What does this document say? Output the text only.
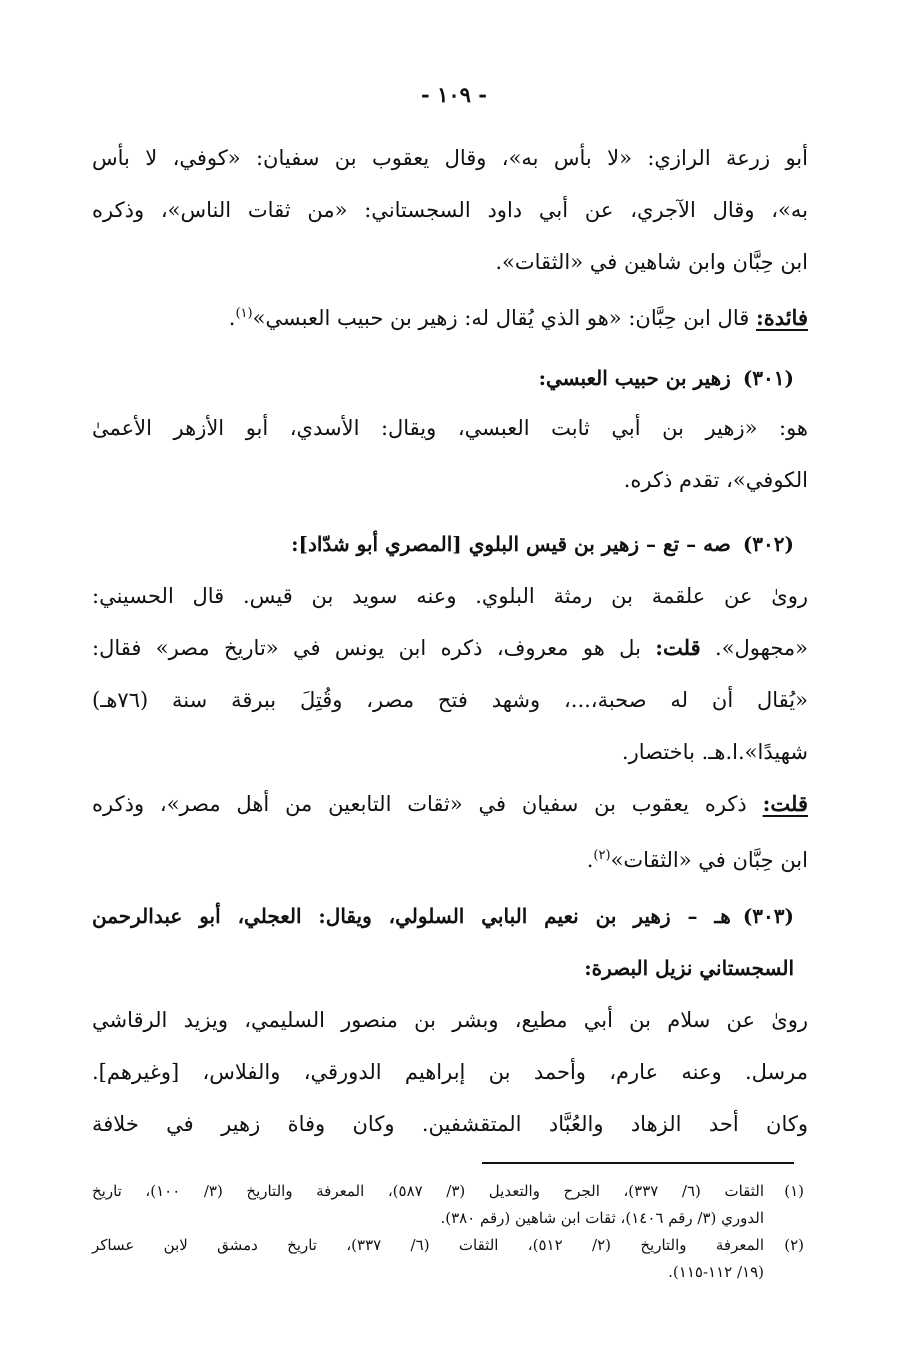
- ١٠٩ -
أبو زرعة الرازي: «لا بأس به»، وقال يعقوب بن سفيان: «كوفي، لا بأس
به»، وقال الآجري، عن أبي داود السجستاني: «من ثقات الناس»، وذكره
ابن حِبَّان وابن شاهين في «الثقات».
فائدة: قال ابن حِبَّان: «هو الذي يُقال له: زهير بن حبيب العبسي»$^{(١)}$.
(٣٠١)زهير بن حبيب العبسي:
هو: «زهير بن أبي ثابت العبسي، ويقال: الأسدي، أبو الأزهر الأعمىٰ
الكوفي»، تقدم ذكره.
(٣٠٢)صه – تع – زهير بن قيس البلوي [المصري أبو شدّاد]:
روىٰ عن علقمة بن رمثة البلوي. وعنه سويد بن قيس. قال الحسيني:
«مجهول». قلت: بل هو معروف، ذكره ابن يونس في «تاريخ مصر» فقال:
«يُقال أن له صحبة،...، وشهد فتح مصر، وقُتِلَ ببرقة سنة (٧٦هـ)
شهيدًا».ا.هـ. باختصار.
قلت: ذكره يعقوب بن سفيان في «ثقات التابعين من أهل مصر»، وذكره
ابن حِبَّان في «الثقات»$^{(٢)}$.
(٣٠٣)هـ – زهير بن نعيم البابي السلولي، ويقال: العجلي، أبو عبدالرحمن
السجستاني نزيل البصرة:
روىٰ عن سلام بن أبي مطيع، وبشر بن منصور السليمي، ويزيد الرقاشي
مرسل. وعنه عارم، وأحمد بن إبراهيم الدورقي، والفلاس، [وغيرهم].
وكان أحد الزهاد والعُبَّاد المتقشفين. وكان وفاة زهير في خلافة
(١)
الثقات (٦/ ٣٣٧)، الجرح والتعديل (٣/ ٥٨٧)، المعرفة والتاريخ (٣/ ١٠٠)، تاريخ
الدوري (٣/ رقم ١٤٠٦)، ثقات ابن شاهين (رقم ٣٨٠).
(٢)
المعرفة والتاريخ (٢/ ٥١٢)، الثقات (٦/ ٣٣٧)، تاريخ دمشق لابن عساكر
(١٩/ ١١٢-١١٥).
